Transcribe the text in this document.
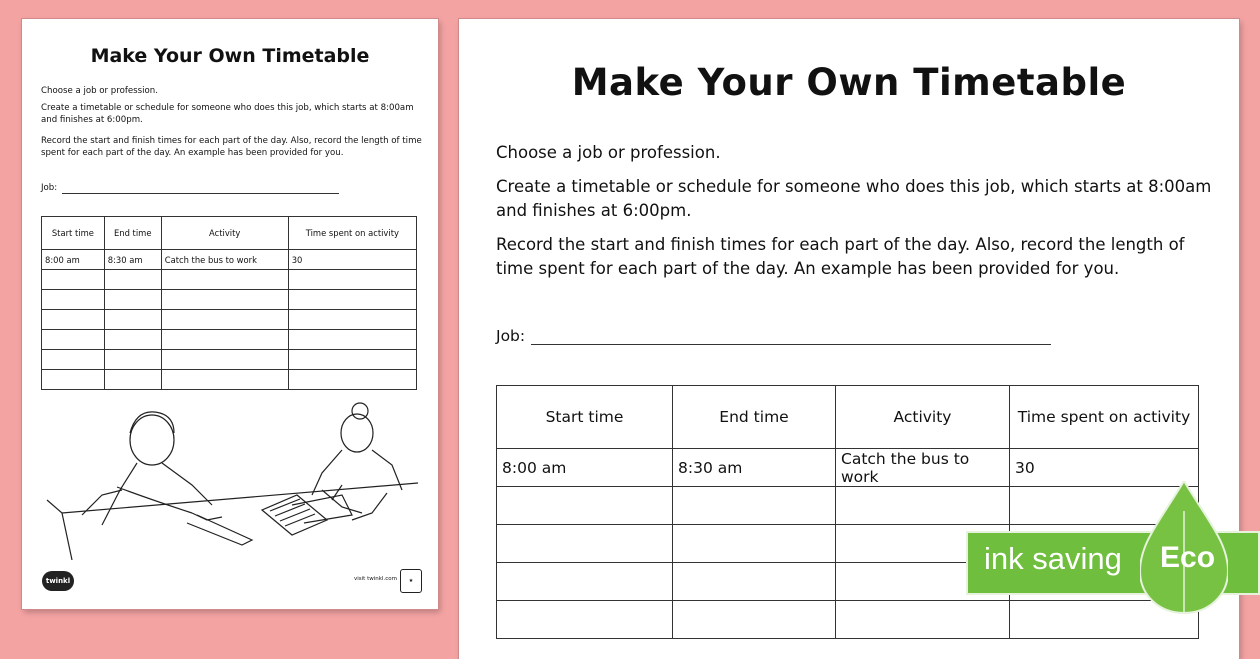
Make Your Own Timetable
Choose a job or profession.
Create a timetable or schedule for someone who does this job, which starts at 8:00am and finishes at 6:00pm.
Record the start and finish times for each part of the day. Also, record the length of time spent for each part of the day. An example has been provided for you.
Job:
Start time	End time	Activity	Time spent on activity
8:00 am	8:30 am	Catch the bus to work	30

twinkl	visit twinkl.com	★
Make Your Own Timetable
Choose a job or profession.
Create a timetable or schedule for someone who does this job, which starts at 8:00am and finishes at 6:00pm.
Record the start and finish times for each part of the day. Also, record the length of time spent for each part of the day. An example has been provided for you.
Job:
Start time	End time	Activity	Time spent on activity
8:00 am	8:30 am	Catch the bus to work	30

ink saving Eco
